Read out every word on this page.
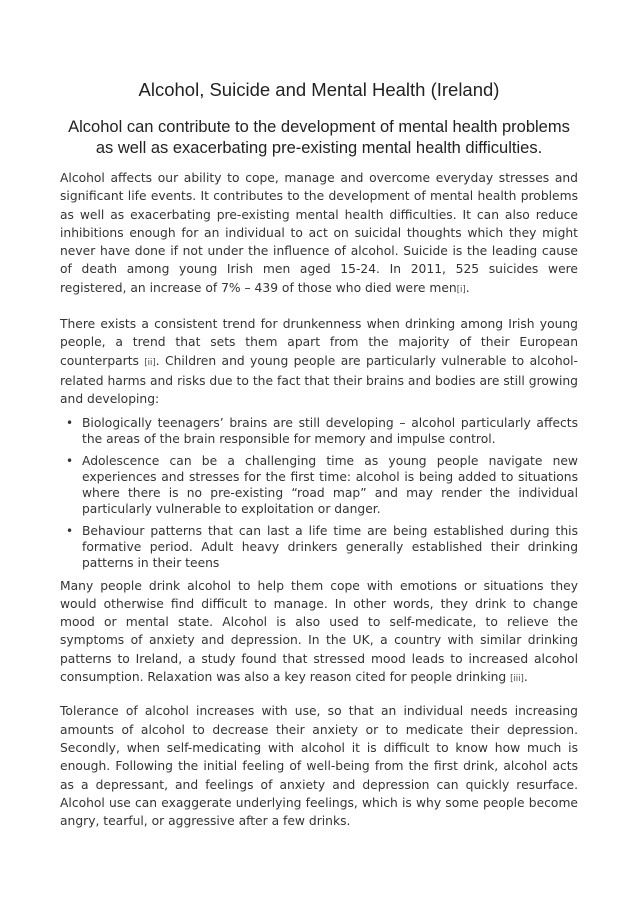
Alcohol, Suicide and Mental Health (Ireland)
Alcohol can contribute to the development of mental health problems as well as exacerbating pre-existing mental health difficulties.

Alcohol affects our ability to cope, manage and overcome everyday stresses and significant life events. It contributes to the development of mental health problems as well as exacerbating pre-existing mental health difficulties. It can also reduce inhibitions enough for an individual to act on suicidal thoughts which they might never have done if not under the influence of alcohol. Suicide is the leading cause of death among young Irish men aged 15-24. In 2011, 525 suicides were registered, an increase of 7% – 439 of those who died were men[i].

There exists a consistent trend for drunkenness when drinking among Irish young people, a trend that sets them apart from the majority of their European counterparts [ii]. Children and young people are particularly vulnerable to alcohol-related harms and risks due to the fact that their brains and bodies are still growing and developing:

• Biologically teenagers’ brains are still developing – alcohol particularly affects the areas of the brain responsible for memory and impulse control.
• Adolescence can be a challenging time as young people navigate new experiences and stresses for the first time: alcohol is being added to situations where there is no pre-existing “road map” and may render the individual particularly vulnerable to exploitation or danger.
• Behaviour patterns that can last a life time are being established during this formative period. Adult heavy drinkers generally established their drinking patterns in their teens

Many people drink alcohol to help them cope with emotions or situations they would otherwise find difficult to manage. In other words, they drink to change mood or mental state. Alcohol is also used to self-medicate, to relieve the symptoms of anxiety and depression. In the UK, a country with similar drinking patterns to Ireland, a study found that stressed mood leads to increased alcohol consumption. Relaxation was also a key reason cited for people drinking [iii].

Tolerance of alcohol increases with use, so that an individual needs increasing amounts of alcohol to decrease their anxiety or to medicate their depression. Secondly, when self-medicating with alcohol it is difficult to know how much is enough. Following the initial feeling of well-being from the first drink, alcohol acts as a depressant, and feelings of anxiety and depression can quickly resurface. Alcohol use can exaggerate underlying feelings, which is why some people become angry, tearful, or aggressive after a few drinks.
